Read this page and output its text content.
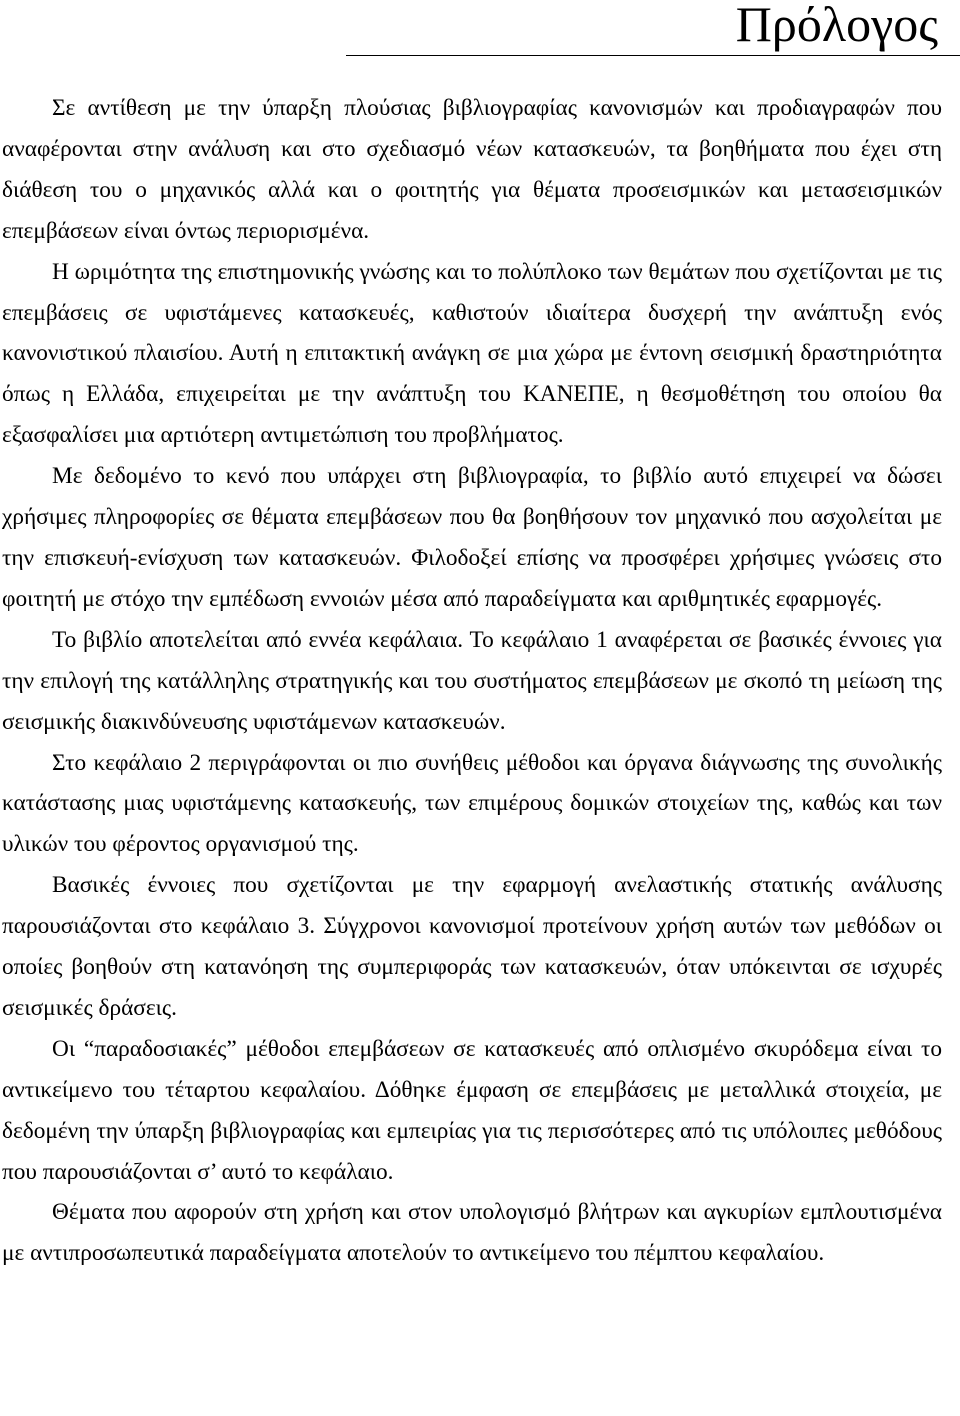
Πρόλογος

Σε αντίθεση με την ύπαρξη πλούσιας βιβλιογραφίας κανονισμών και προδιαγραφών που αναφέρονται στην ανάλυση και στο σχεδιασμό νέων κατασκευών, τα βοηθήματα που έχει στη διάθεση του ο μηχανικός αλλά και ο φοιτητής για θέματα προσεισμικών και μετασεισμικών επεμβάσεων είναι όντως περιορισμένα.

Η ωριμότητα της επιστημονικής γνώσης και το πολύπλοκο των θεμάτων που σχετίζονται με τις επεμβάσεις σε υφιστάμενες κατασκευές, καθιστούν ιδιαίτερα δυσχερή την ανάπτυξη ενός κανονιστικού πλαισίου. Αυτή η επιτακτική ανάγκη σε μια χώρα με έντονη σεισμική δραστηριότητα όπως η Ελλάδα, επιχειρείται με την ανάπτυξη του ΚΑΝΕΠΕ, η θεσμοθέτηση του οποίου θα εξασφαλίσει μια αρτιότερη αντιμετώπιση του προβλήματος.

Με δεδομένο το κενό που υπάρχει στη βιβλιογραφία, το βιβλίο αυτό επιχειρεί να δώσει χρήσιμες πληροφορίες σε θέματα επεμβάσεων που θα βοηθήσουν τον μηχανικό που ασχολείται με την επισκευή-ενίσχυση των κατασκευών. Φιλοδοξεί επίσης να προσφέρει χρήσιμες γνώσεις στο φοιτητή με στόχο την εμπέδωση εννοιών μέσα από παραδείγματα και αριθμητικές εφαρμογές.

Το βιβλίο αποτελείται από εννέα κεφάλαια. Το κεφάλαιο 1 αναφέρεται σε βασικές έννοιες για την επιλογή της κατάλληλης στρατηγικής και του συστήματος επεμβάσεων με σκοπό τη μείωση της σεισμικής διακινδύνευσης υφιστάμενων κατασκευών.

Στο κεφάλαιο 2 περιγράφονται οι πιο συνήθεις μέθοδοι και όργανα διάγνωσης της συνολικής κατάστασης μιας υφιστάμενης κατασκευής, των επιμέρους δομικών στοιχείων της, καθώς και των υλικών του φέροντος οργανισμού της.

Βασικές έννοιες που σχετίζονται με την εφαρμογή ανελαστικής στατικής ανάλυσης παρουσιάζονται στο κεφάλαιο 3. Σύγχρονοι κανονισμοί προτείνουν χρήση αυτών των μεθόδων οι οποίες βοηθούν στη κατανόηση της συμπεριφοράς των κατασκευών, όταν υπόκεινται σε ισχυρές σεισμικές δράσεις.

Οι “παραδοσιακές” μέθοδοι επεμβάσεων σε κατασκευές από οπλισμένο σκυρόδεμα είναι το αντικείμενο του τέταρτου κεφαλαίου. Δόθηκε έμφαση σε επεμβάσεις με μεταλλικά στοιχεία, με δεδομένη την ύπαρξη βιβλιογραφίας και εμπειρίας για τις περισσότερες από τις υπόλοιπες μεθόδους που παρουσιάζονται σ’ αυτό το κεφάλαιο.

Θέματα που αφορούν στη χρήση και στον υπολογισμό βλήτρων και αγκυρίων εμπλουτισμένα με αντιπροσωπευτικά παραδείγματα αποτελούν το αντικείμενο του πέμπτου κεφαλαίου.
